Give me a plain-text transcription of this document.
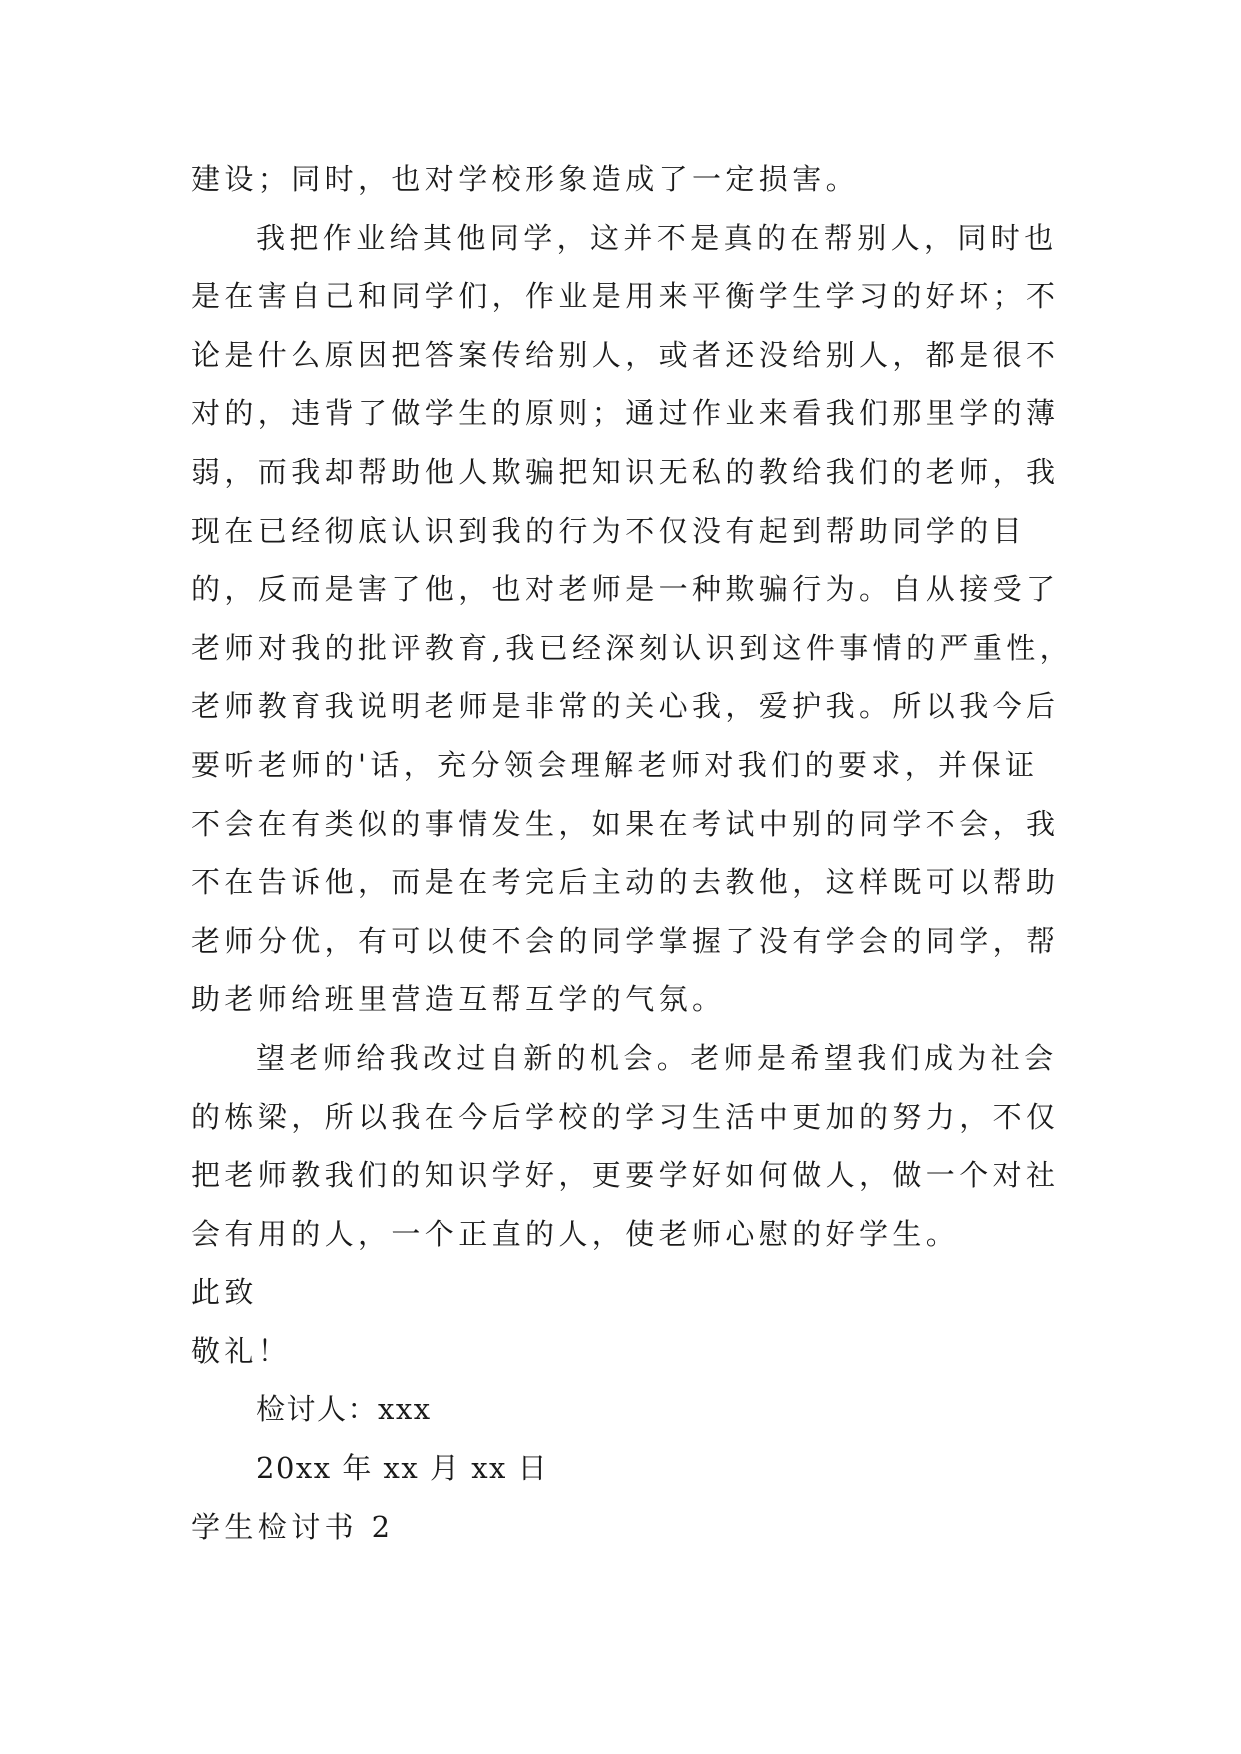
建设；同时，也对学校形象造成了一定损害。
我把作业给其他同学，这并不是真的在帮别人，同时也
是在害自己和同学们，作业是用来平衡学生学习的好坏；不
论是什么原因把答案传给别人，或者还没给别人，都是很不
对的，违背了做学生的原则；通过作业来看我们那里学的薄
弱，而我却帮助他人欺骗把知识无私的教给我们的老师，我
现在已经彻底认识到我的行为不仅没有起到帮助同学的目
的，反而是害了他，也对老师是一种欺骗行为。自从接受了
老师对我的批评教育,我已经深刻认识到这件事情的严重性，
老师教育我说明老师是非常的关心我，爱护我。所以我今后
要听老师的'话，充分领会理解老师对我们的要求，并保证
不会在有类似的事情发生，如果在考试中别的同学不会，我
不在告诉他，而是在考完后主动的去教他，这样既可以帮助
老师分优，有可以使不会的同学掌握了没有学会的同学，帮
助老师给班里营造互帮互学的气氛。
望老师给我改过自新的机会。老师是希望我们成为社会
的栋梁，所以我在今后学校的学习生活中更加的努力，不仅
把老师教我们的知识学好，更要学好如何做人，做一个对社
会有用的人，一个正直的人，使老师心慰的好学生。
此致
敬礼！
检讨人：xxx
20xx 年 xx 月 xx 日
学生检讨书 2
